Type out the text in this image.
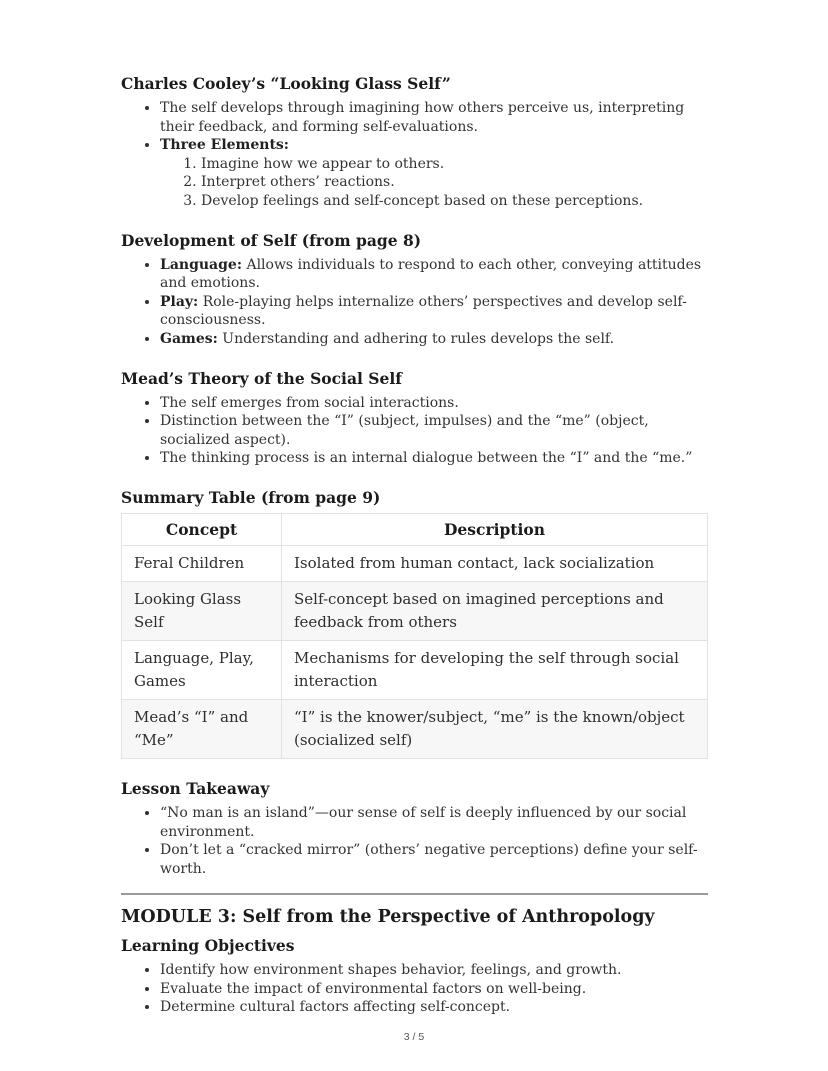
Charles Cooley’s “Looking Glass Self”
• The self develops through imagining how others perceive us, interpreting their feedback, and forming self-evaluations.
• Three Elements:
1. Imagine how we appear to others.
2. Interpret others’ reactions.
3. Develop feelings and self-concept based on these perceptions.
Development of Self (from page 8)
• Language: Allows individuals to respond to each other, conveying attitudes and emotions.
• Play: Role-playing helps internalize others’ perspectives and develop self-consciousness.
• Games: Understanding and adhering to rules develops the self.
Mead’s Theory of the Social Self
• The self emerges from social interactions.
• Distinction between the “I” (subject, impulses) and the “me” (object, socialized aspect).
• The thinking process is an internal dialogue between the “I” and the “me.”
Summary Table (from page 9)
Concept	Description
Feral Children	Isolated from human contact, lack socialization
Looking Glass Self	Self-concept based on imagined perceptions and feedback from others
Language, Play, Games	Mechanisms for developing the self through social interaction
Mead’s “I” and “Me”	“I” is the knower/subject, “me” is the known/object (socialized self)
Lesson Takeaway
• “No man is an island”—our sense of self is deeply influenced by our social environment.
• Don’t let a “cracked mirror” (others’ negative perceptions) define your self-worth.
MODULE 3: Self from the Perspective of Anthropology
Learning Objectives
• Identify how environment shapes behavior, feelings, and growth.
• Evaluate the impact of environmental factors on well-being.
• Determine cultural factors affecting self-concept.
3 / 5
